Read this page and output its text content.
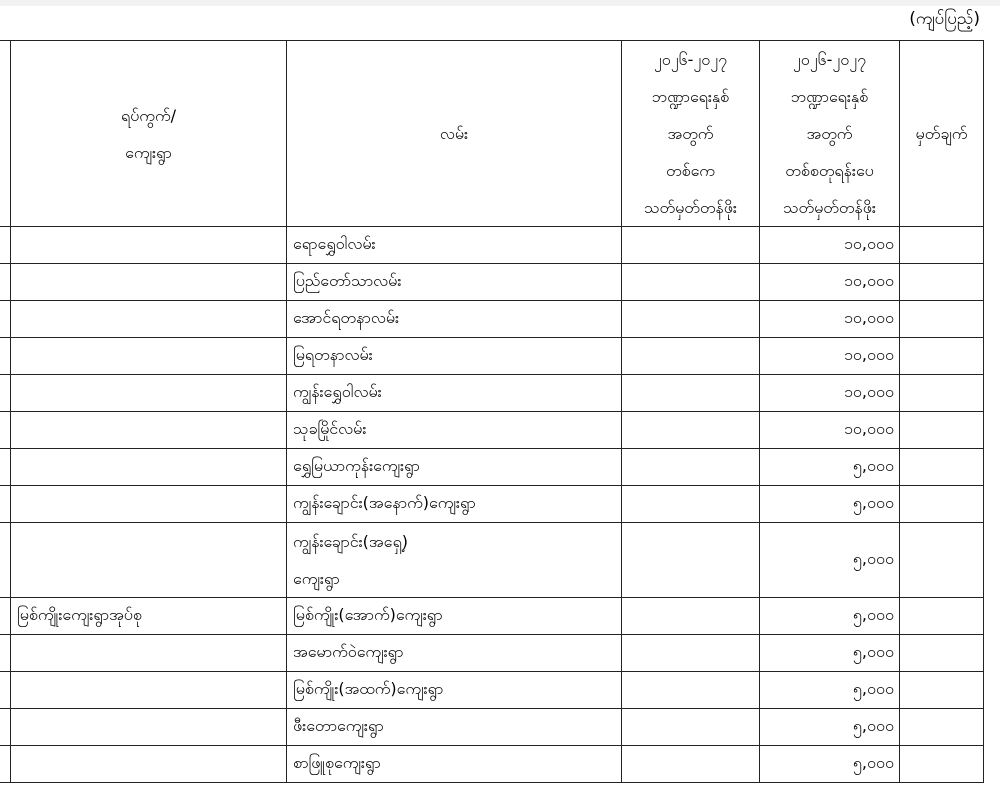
(ကျပ်ပြည့်)

	ရပ်ကွက်/
ကျေးရွာ	လမ်း	၂၀၂၆-၂၀၂၇
ဘဏ္ဍာရေးနှစ်
အတွက်
တစ်ကေ
သတ်မှတ်တန်ဖိုး	၂၀၂၆-၂၀၂၇
ဘဏ္ဍာရေးနှစ်
အတွက်
တစ်စတုရန်းပေ
သတ်မှတ်တန်ဖိုး	မှတ်ချက်

		ရောရွှေဝါလမ်း		၁၀,၀၀၀	

		ပြည်တော်သာလမ်း		၁၀,၀၀၀	

		အောင်ရတနာလမ်း		၁၀,၀၀၀	

		မြရတနာလမ်း		၁၀,၀၀၀	

		ကျွန်းရွှေဝါလမ်း		၁၀,၀၀၀	

		သုခမြိုင်လမ်း		၁၀,၀၀၀	

		ရွှေမြယာကုန်းကျေးရွာ		၅,၀၀၀	

		ကျွန်းချောင်း(အနောက်)ကျေးရွာ		၅,၀၀၀	

		ကျွန်းချောင်း(အရှေ့)
ကျေးရွာ		၅,၀၀၀	
	မြစ်ကျိုးကျေးရွာအုပ်စု	မြစ်ကျိုး(အောက်)ကျေးရွာ		၅,၀၀၀	

		အမောက်ဝဲကျေးရွာ		၅,၀၀၀	

		မြစ်ကျိုး(အထက်)ကျေးရွာ		၅,၀၀၀	

		ဖီးတောကျေးရွာ		၅,၀၀၀	

		စာဖြူစုကျေးရွာ		၅,၀၀၀	
